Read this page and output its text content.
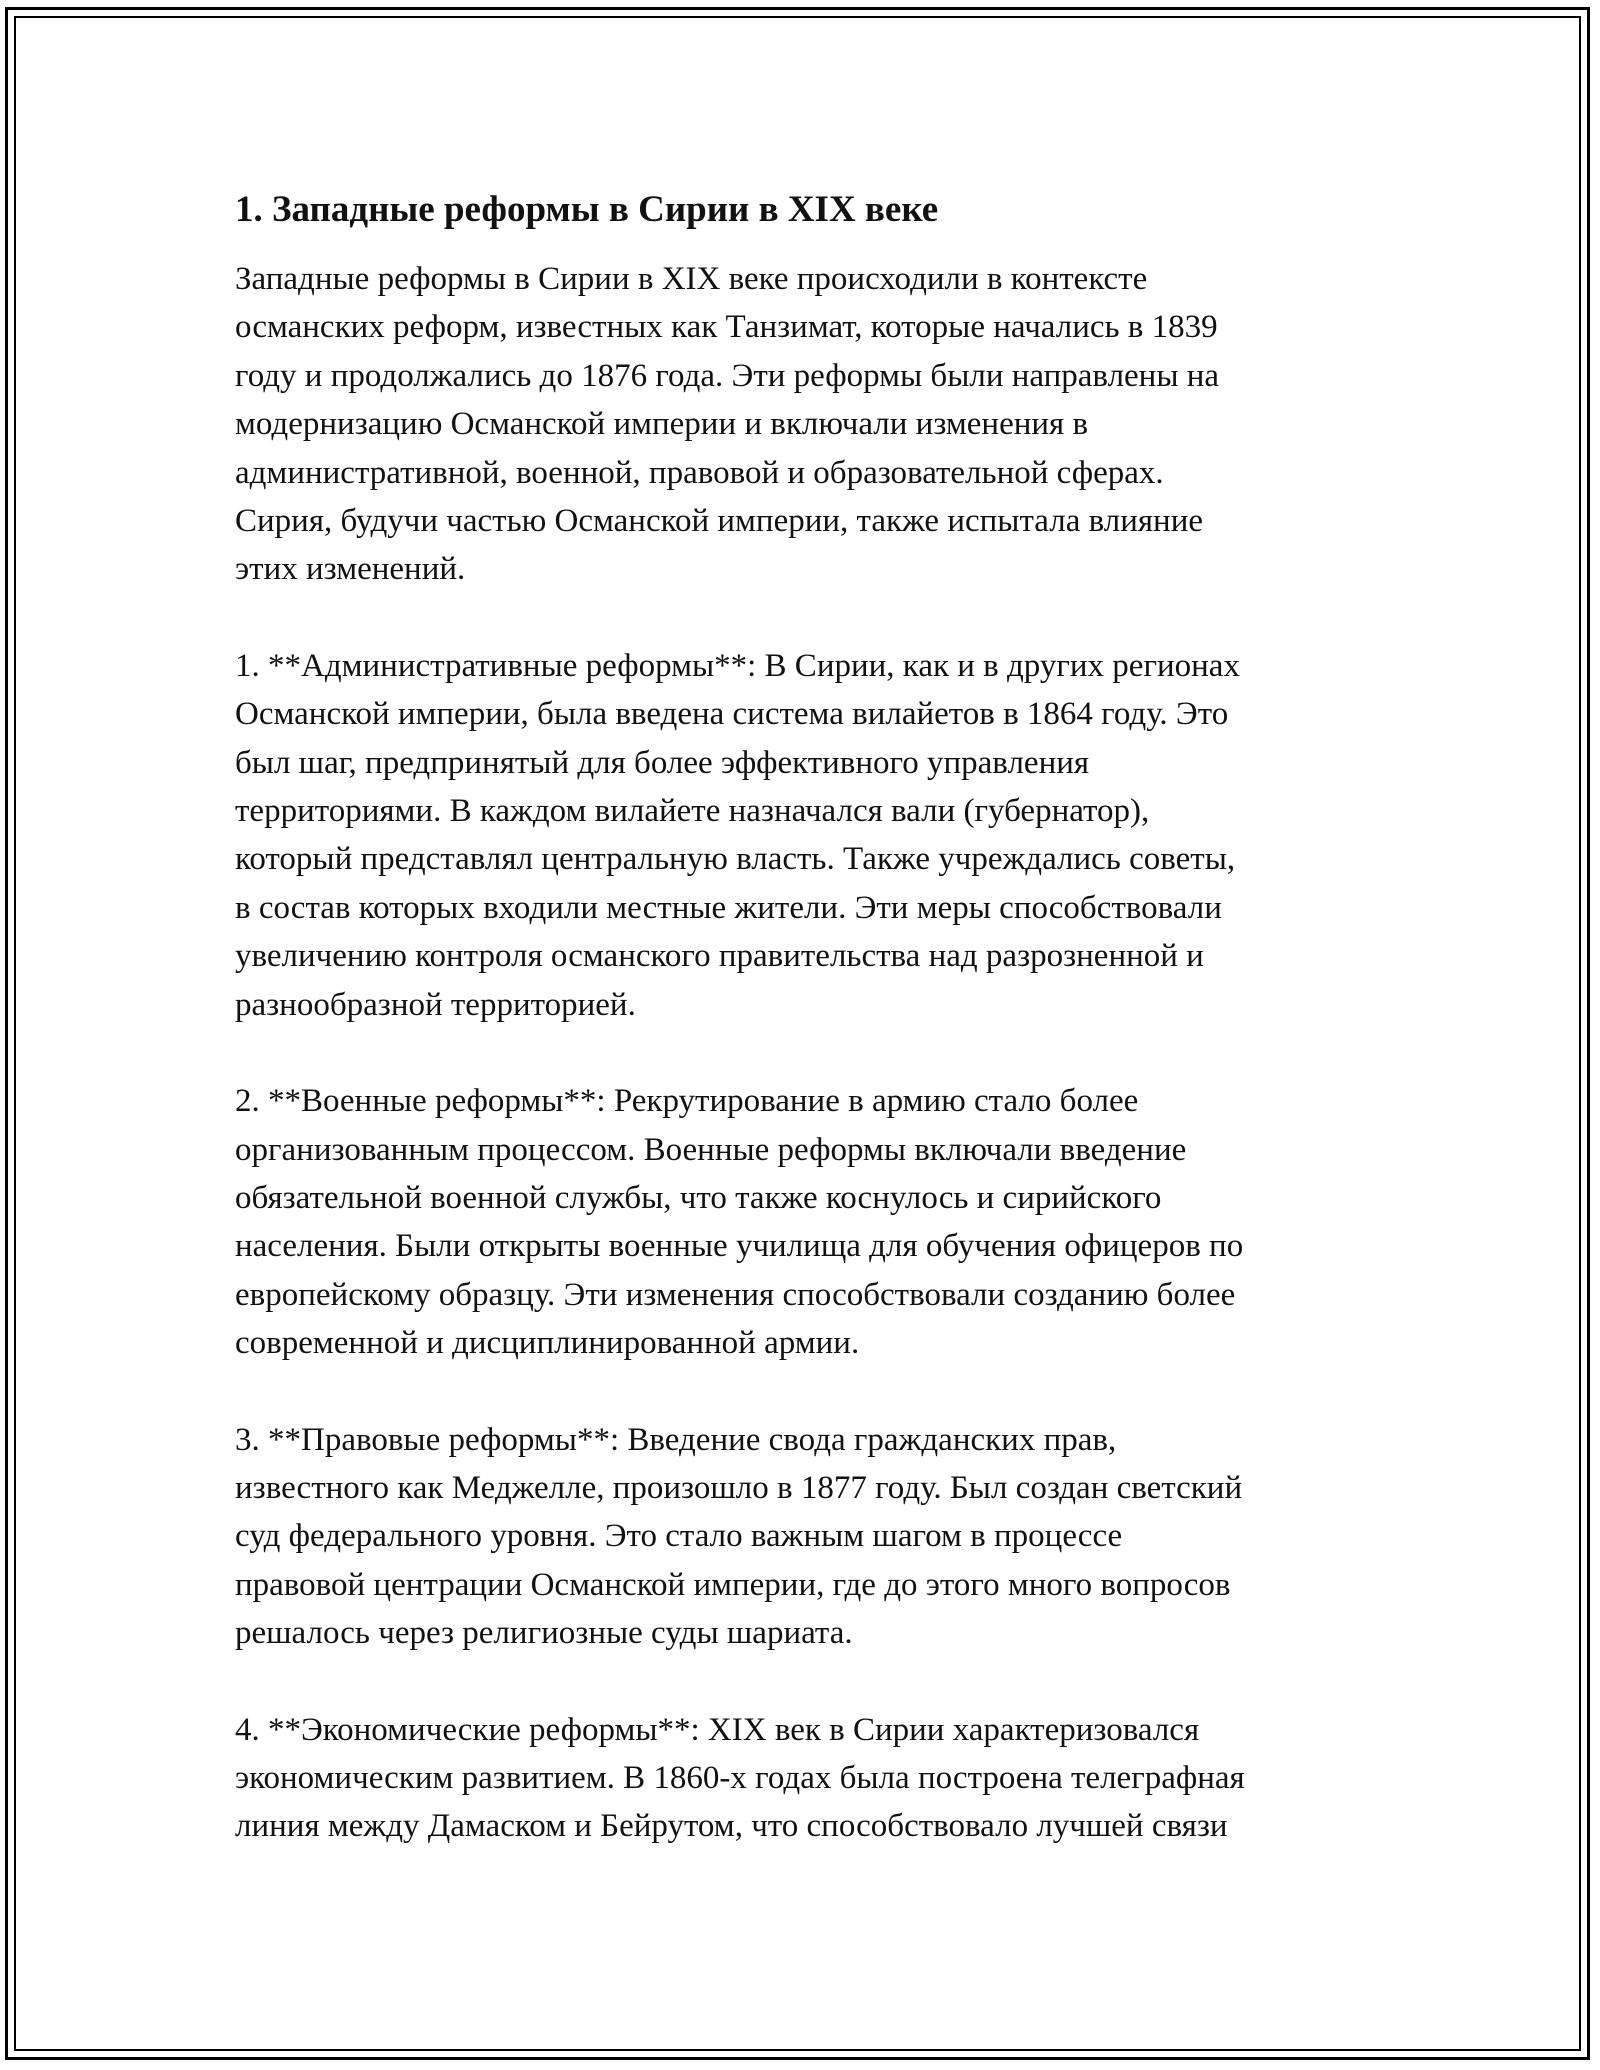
1. Западные реформы в Сирии в XIX веке

Западные реформы в Сирии в XIX веке происходили в контексте
османских реформ, известных как Танзимат, которые начались в 1839
году и продолжались до 1876 года. Эти реформы были направлены на
модернизацию Османской империи и включали изменения в
административной, военной, правовой и образовательной сферах.
Сирия, будучи частью Османской империи, также испытала влияние
этих изменений.

1. **Административные реформы**: В Сирии, как и в других регионах
Османской империи, была введена система вилайетов в 1864 году. Это
был шаг, предпринятый для более эффективного управления
территориями. В каждом вилайете назначался вали (губернатор),
который представлял центральную власть. Также учреждались советы,
в состав которых входили местные жители. Эти меры способствовали
увеличению контроля османского правительства над разрозненной и
разнообразной территорией.

2. **Военные реформы**: Рекрутирование в армию стало более
организованным процессом. Военные реформы включали введение
обязательной военной службы, что также коснулось и сирийского
населения. Были открыты военные училища для обучения офицеров по
европейскому образцу. Эти изменения способствовали созданию более
современной и дисциплинированной армии.

3. **Правовые реформы**: Введение свода гражданских прав,
известного как Меджелле, произошло в 1877 году. Был создан светский
суд федерального уровня. Это стало важным шагом в процессе
правовой центрации Османской империи, где до этого много вопросов
решалось через религиозные суды шариата.

4. **Экономические реформы**: XIX век в Сирии характеризовался
экономическим развитием. В 1860-х годах была построена телеграфная
линия между Дамаском и Бейрутом, что способствовало лучшей связи
